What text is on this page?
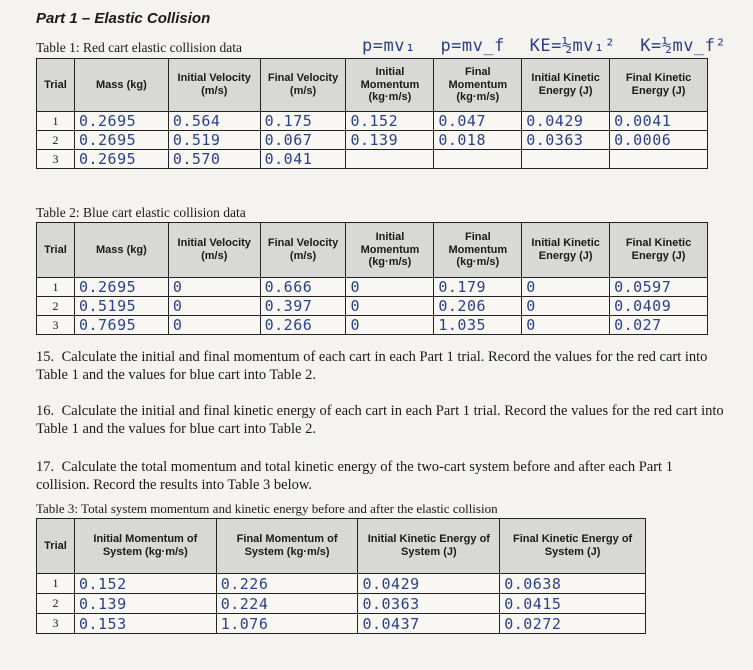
Part 1 – Elastic Collision
p=mv₁ p=mv_f KE=½mv₁² K=½mv_f²
Table 1: Red cart elastic collision data
Trial	Mass (kg)	Initial Velocity (m/s)	Final Velocity (m/s)	Initial Momentum (kg·m/s)	Final Momentum (kg·m/s)	Initial Kinetic Energy (J)	Final Kinetic Energy (J)
1	0.2695	0.564	0.175	0.152	0.047	0.0429	0.0041
2	0.2695	0.519	0.067	0.139	0.018	0.0363	0.0006
3	0.2695	0.570	0.041				
Table 2: Blue cart elastic collision data
Trial	Mass (kg)	Initial Velocity (m/s)	Final Velocity (m/s)	Initial Momentum (kg·m/s)	Final Momentum (kg·m/s)	Initial Kinetic Energy (J)	Final Kinetic Energy (J)
1	0.2695	0	0.666	0	0.179	0	0.0597
2	0.5195	0	0.397	0	0.206	0	0.0409
3	0.7695	0	0.266	0	1.035	0	0.027
15. Calculate the initial and final momentum of each cart in each Part 1 trial. Record the values for the red cart into Table 1 and the values for blue cart into Table 2.
16. Calculate the initial and final kinetic energy of each cart in each Part 1 trial. Record the values for the red cart into Table 1 and the values for blue cart into Table 2.
17. Calculate the total momentum and total kinetic energy of the two-cart system before and after each Part 1 collision. Record the results into Table 3 below.
Table 3: Total system momentum and kinetic energy before and after the elastic collision
Trial	Initial Momentum of System (kg·m/s)	Final Momentum of System (kg·m/s)	Initial Kinetic Energy of System (J)	Final Kinetic Energy of System (J)
1	0.152	0.226	0.0429	0.0638
2	0.139	0.224	0.0363	0.0415
3	0.153	1.076	0.0437	0.0272
